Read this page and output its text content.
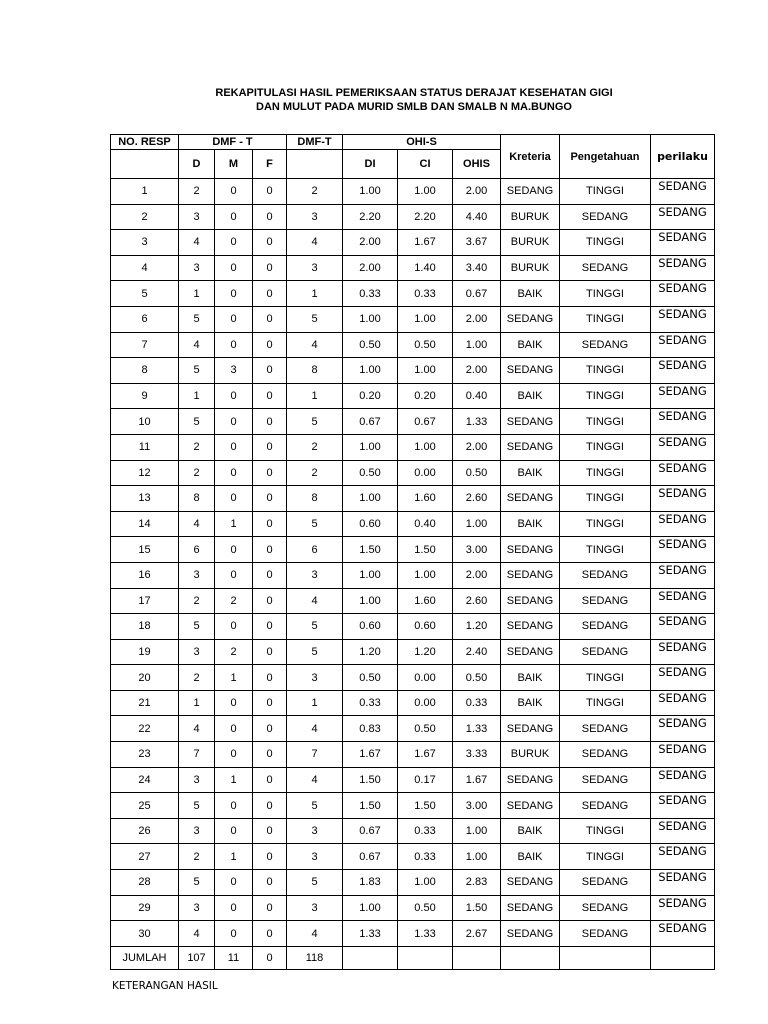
REKAPITULASI HASIL PEMERIKSAAN STATUS DERAJAT KESEHATAN GIGI
DAN MULUT PADA MURID SMLB DAN SMALB N MA.BUNGO
NO. RESP	DMF - T			DMF-T	OHI-S			Kreteria	Pengetahuan	perilaku
	D	M	F							
					DI	CI	OHIS			
1	2	0	0	2	1.00	1.00	2.00	SEDANG	TINGGI	SEDANG
2	3	0	0	3	2.20	2.20	4.40	BURUK	SEDANG	SEDANG
3	4	0	0	4	2.00	1.67	3.67	BURUK	TINGGI	SEDANG
4	3	0	0	3	2.00	1.40	3.40	BURUK	SEDANG	SEDANG
5	1	0	0	1	0.33	0.33	0.67	BAIK	TINGGI	SEDANG
6	5	0	0	5	1.00	1.00	2.00	SEDANG	TINGGI	SEDANG
7	4	0	0	4	0.50	0.50	1.00	BAIK	SEDANG	SEDANG
8	5	3	0	8	1.00	1.00	2.00	SEDANG	TINGGI	SEDANG
9	1	0	0	1	0.20	0.20	0.40	BAIK	TINGGI	SEDANG
10	5	0	0	5	0.67	0.67	1.33	SEDANG	TINGGI	SEDANG
11	2	0	0	2	1.00	1.00	2.00	SEDANG	TINGGI	SEDANG
12	2	0	0	2	0.50	0.00	0.50	BAIK	TINGGI	SEDANG
13	8	0	0	8	1.00	1.60	2.60	SEDANG	TINGGI	SEDANG
14	4	1	0	5	0.60	0.40	1.00	BAIK	TINGGI	SEDANG
15	6	0	0	6	1.50	1.50	3.00	SEDANG	TINGGI	SEDANG
16	3	0	0	3	1.00	1.00	2.00	SEDANG	SEDANG	SEDANG
17	2	2	0	4	1.00	1.60	2.60	SEDANG	SEDANG	SEDANG
18	5	0	0	5	0.60	0.60	1.20	SEDANG	SEDANG	SEDANG
19	3	2	0	5	1.20	1.20	2.40	SEDANG	SEDANG	SEDANG
20	2	1	0	3	0.50	0.00	0.50	BAIK	TINGGI	SEDANG
21	1	0	0	1	0.33	0.00	0.33	BAIK	TINGGI	SEDANG
22	4	0	0	4	0.83	0.50	1.33	SEDANG	SEDANG	SEDANG
23	7	0	0	7	1.67	1.67	3.33	BURUK	SEDANG	SEDANG
24	3	1	0	4	1.50	0.17	1.67	SEDANG	SEDANG	SEDANG
25	5	0	0	5	1.50	1.50	3.00	SEDANG	SEDANG	SEDANG
26	3	0	0	3	0.67	0.33	1.00	BAIK	TINGGI	SEDANG
27	2	1	0	3	0.67	0.33	1.00	BAIK	TINGGI	SEDANG
28	5	0	0	5	1.83	1.00	2.83	SEDANG	SEDANG	SEDANG
29	3	0	0	3	1.00	0.50	1.50	SEDANG	SEDANG	SEDANG
30	4	0	0	4	1.33	1.33	2.67	SEDANG	SEDANG	SEDANG
JUMLAH	107	11	0	118						
KETERANGAN HASIL
